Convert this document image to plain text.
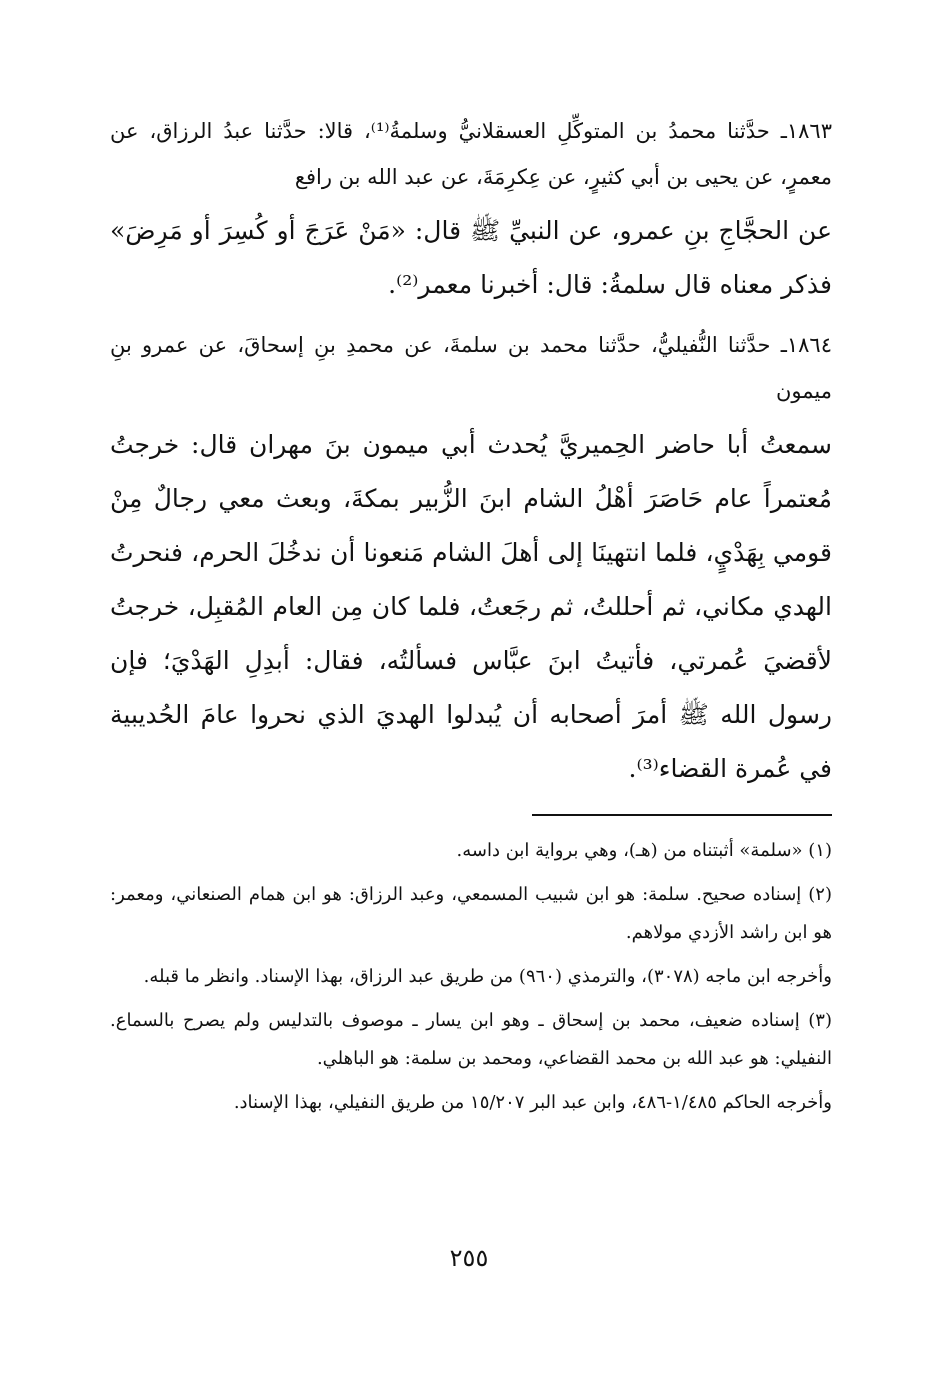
١٨٦٣ـ حدَّثنا محمدُ بن المتوكِّلِ العسقلانيُّ وسلمةُ⁽¹⁾، قالا: حدَّثنا عبدُ الرزاق، عن معمرٍ، عن يحيى بن أبي كثيرٍ، عن عِكرِمَةَ، عن عبد الله بن رافع

عن الحجَّاجِ بنِ عمرو، عن النبيِّ ﷺ قال: «مَنْ عَرَجَ أو كُسِرَ أو مَرِضَ» فذكر معناه قال سلمةُ: قال: أخبرنا معمر⁽²⁾.

١٨٦٤ـ حدَّثنا النُّفيليُّ، حدَّثنا محمد بن سلمةَ، عن محمدِ بنِ إسحاقَ، عن عمرو بنِ ميمون

سمعتُ أبا حاضر الحِميريَّ يُحدث أبي ميمون بنَ مهران قال: خرجتُ مُعتمراً عام حَاصَرَ أهْلُ الشام ابنَ الزُّبير بمكةَ، وبعث معي رجالٌ مِنْ قومي بِهَدْيٍ، فلما انتهينَا إلى أهلَ الشام مَنعونا أن ندخُلَ الحرم، فنحرتُ الهدي مكاني، ثم أحللتُ، ثم رجَعتُ، فلما كان مِن العام المُقبِل، خرجتُ لأقضيَ عُمرتي، فأتيتُ ابنَ عبَّاس فسألتُه، فقال: أبدِلِ الهَدْيَ؛ فإن رسول الله ﷺ أمرَ أصحابه أن يُبدلوا الهديَ الذي نحروا عامَ الحُديبية في عُمرة القضاء⁽³⁾.

(١) «سلمة» أثبتناه من (هـ)، وهي برواية ابن داسه.

(٢) إسناده صحيح. سلمة: هو ابن شبيب المسمعي، وعبد الرزاق: هو ابن همام الصنعاني، ومعمر: هو ابن راشد الأزدي مولاهم.

وأخرجه ابن ماجه (٣٠٧٨)، والترمذي (٩٦٠) من طريق عبد الرزاق، بهذا الإسناد. وانظر ما قبله.

(٣) إسناده ضعيف، محمد بن إسحاق ـ وهو ابن يسار ـ موصوف بالتدليس ولم يصرح بالسماع. النفيلي: هو عبد الله بن محمد القضاعي، ومحمد بن سلمة: هو الباهلي.

وأخرجه الحاكم ١/٤٨٥-٤٨٦، وابن عبد البر ١٥/٢٠٧ من طريق النفيلي، بهذا الإسناد.

٢٥٥
